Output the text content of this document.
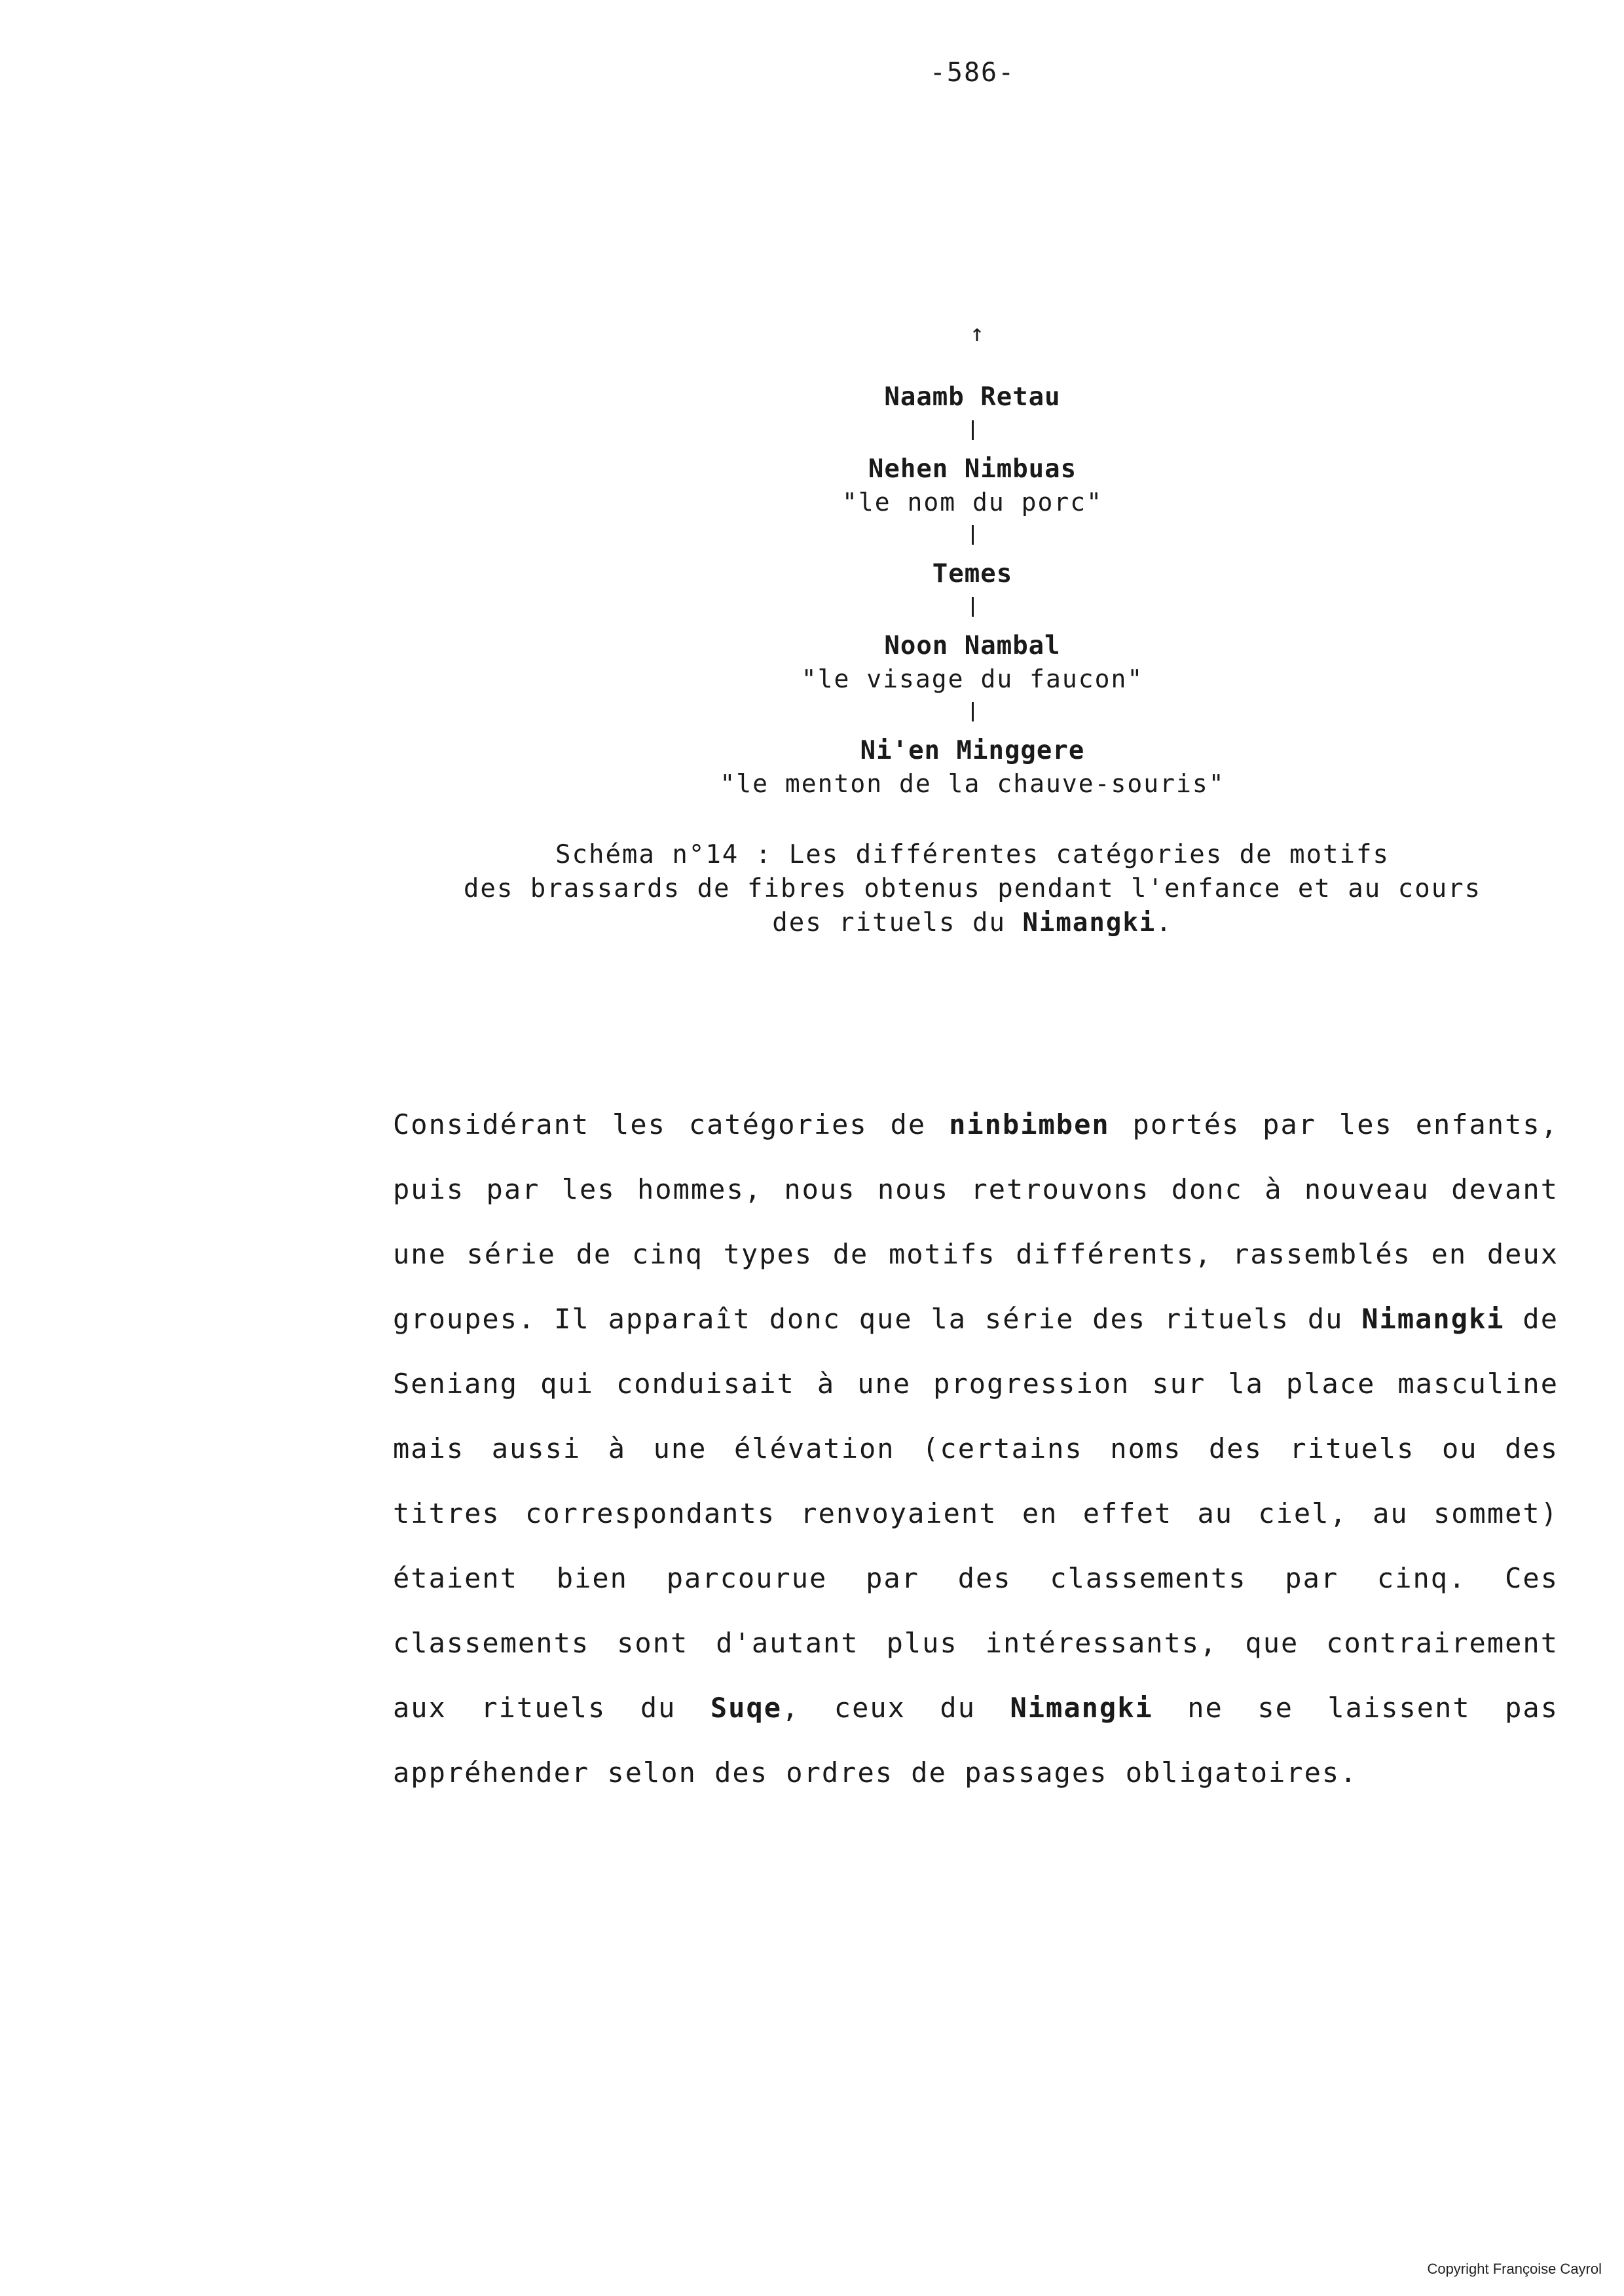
-586-
↑
Naamb Retau
Nehen Nimbuas
"le nom du porc"
Temes
Noon Nambal
"le visage du faucon"
Ni'en Minggere
"le menton de la chauve-souris"
Schéma n°14 : Les différentes catégories de motifs
des brassards de fibres obtenus pendant l'enfance et au cours
des rituels du Nimangki.
Considérant les catégories de ninbimben portés par les enfants, puis par les hommes, nous nous retrouvons donc à nouveau devant une série de cinq types de motifs différents, rassemblés en deux groupes. Il apparaît donc que la série des rituels du Nimangki de Seniang qui conduisait à une progression sur la place masculine mais aussi à une élévation (certains noms des rituels ou des titres correspondants renvoyaient en effet au ciel, au sommet) étaient bien parcourue par des classements par cinq. Ces classements sont d'autant plus intéressants, que contrairement aux rituels du Suqe, ceux du Nimangki ne se laissent pas appréhender selon des ordres de passages obligatoires.
Copyright Françoise Cayrol
